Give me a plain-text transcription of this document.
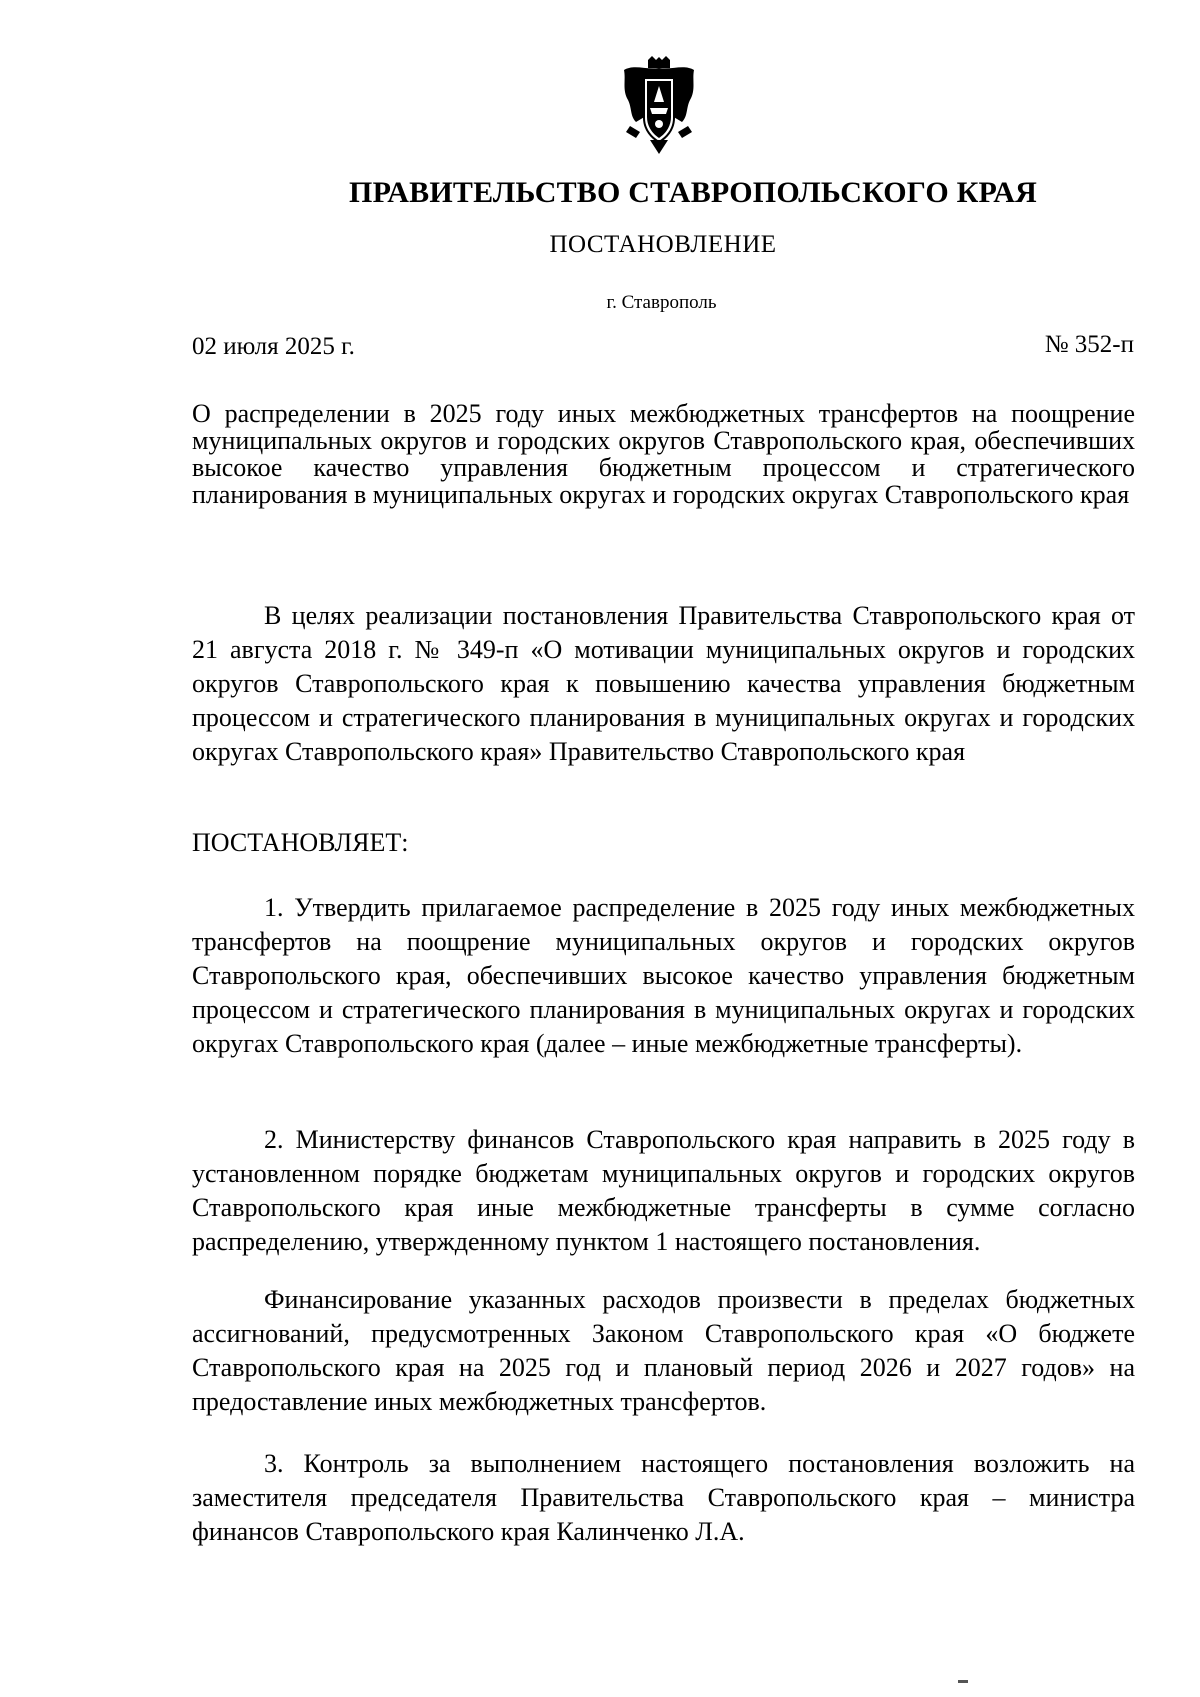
ПРАВИТЕЛЬСТВО СТАВРОПОЛЬСКОГО КРАЯ
ПОСТАНОВЛЕНИЕ
г. Ставрополь
02 июля 2025 г.	№ 352-п
О распределении в 2025 году иных межбюджетных трансфертов на поощрение муниципальных округов и городских округов Ставропольского края, обеспечивших высокое качество управления бюджетным процессом и стратегического планирования в муниципальных округах и городских округах Ставропольского края
В целях реализации постановления Правительства Ставропольского края от 21 августа 2018 г. № 349-п «О мотивации муниципальных округов и городских округов Ставропольского края к повышению качества управления бюджетным процессом и стратегического планирования в муниципальных округах и городских округах Ставропольского края» Правительство Ставропольского края
ПОСТАНОВЛЯЕТ:
1. Утвердить прилагаемое распределение в 2025 году иных межбюджетных трансфертов на поощрение муниципальных округов и городских округов Ставропольского края, обеспечивших высокое качество управления бюджетным процессом и стратегического планирования в муниципальных округах и городских округах Ставропольского края (далее – иные межбюджетные трансферты).
2. Министерству финансов Ставропольского края направить в 2025 году в установленном порядке бюджетам муниципальных округов и городских округов Ставропольского края иные межбюджетные трансферты в сумме согласно распределению, утвержденному пунктом 1 настоящего постановления.
Финансирование указанных расходов произвести в пределах бюджетных ассигнований, предусмотренных Законом Ставропольского края «О бюджете Ставропольского края на 2025 год и плановый период 2026 и 2027 годов» на предоставление иных межбюджетных трансфертов.
3. Контроль за выполнением настоящего постановления возложить на заместителя председателя Правительства Ставропольского края – министра финансов Ставропольского края Калинченко Л.А.
